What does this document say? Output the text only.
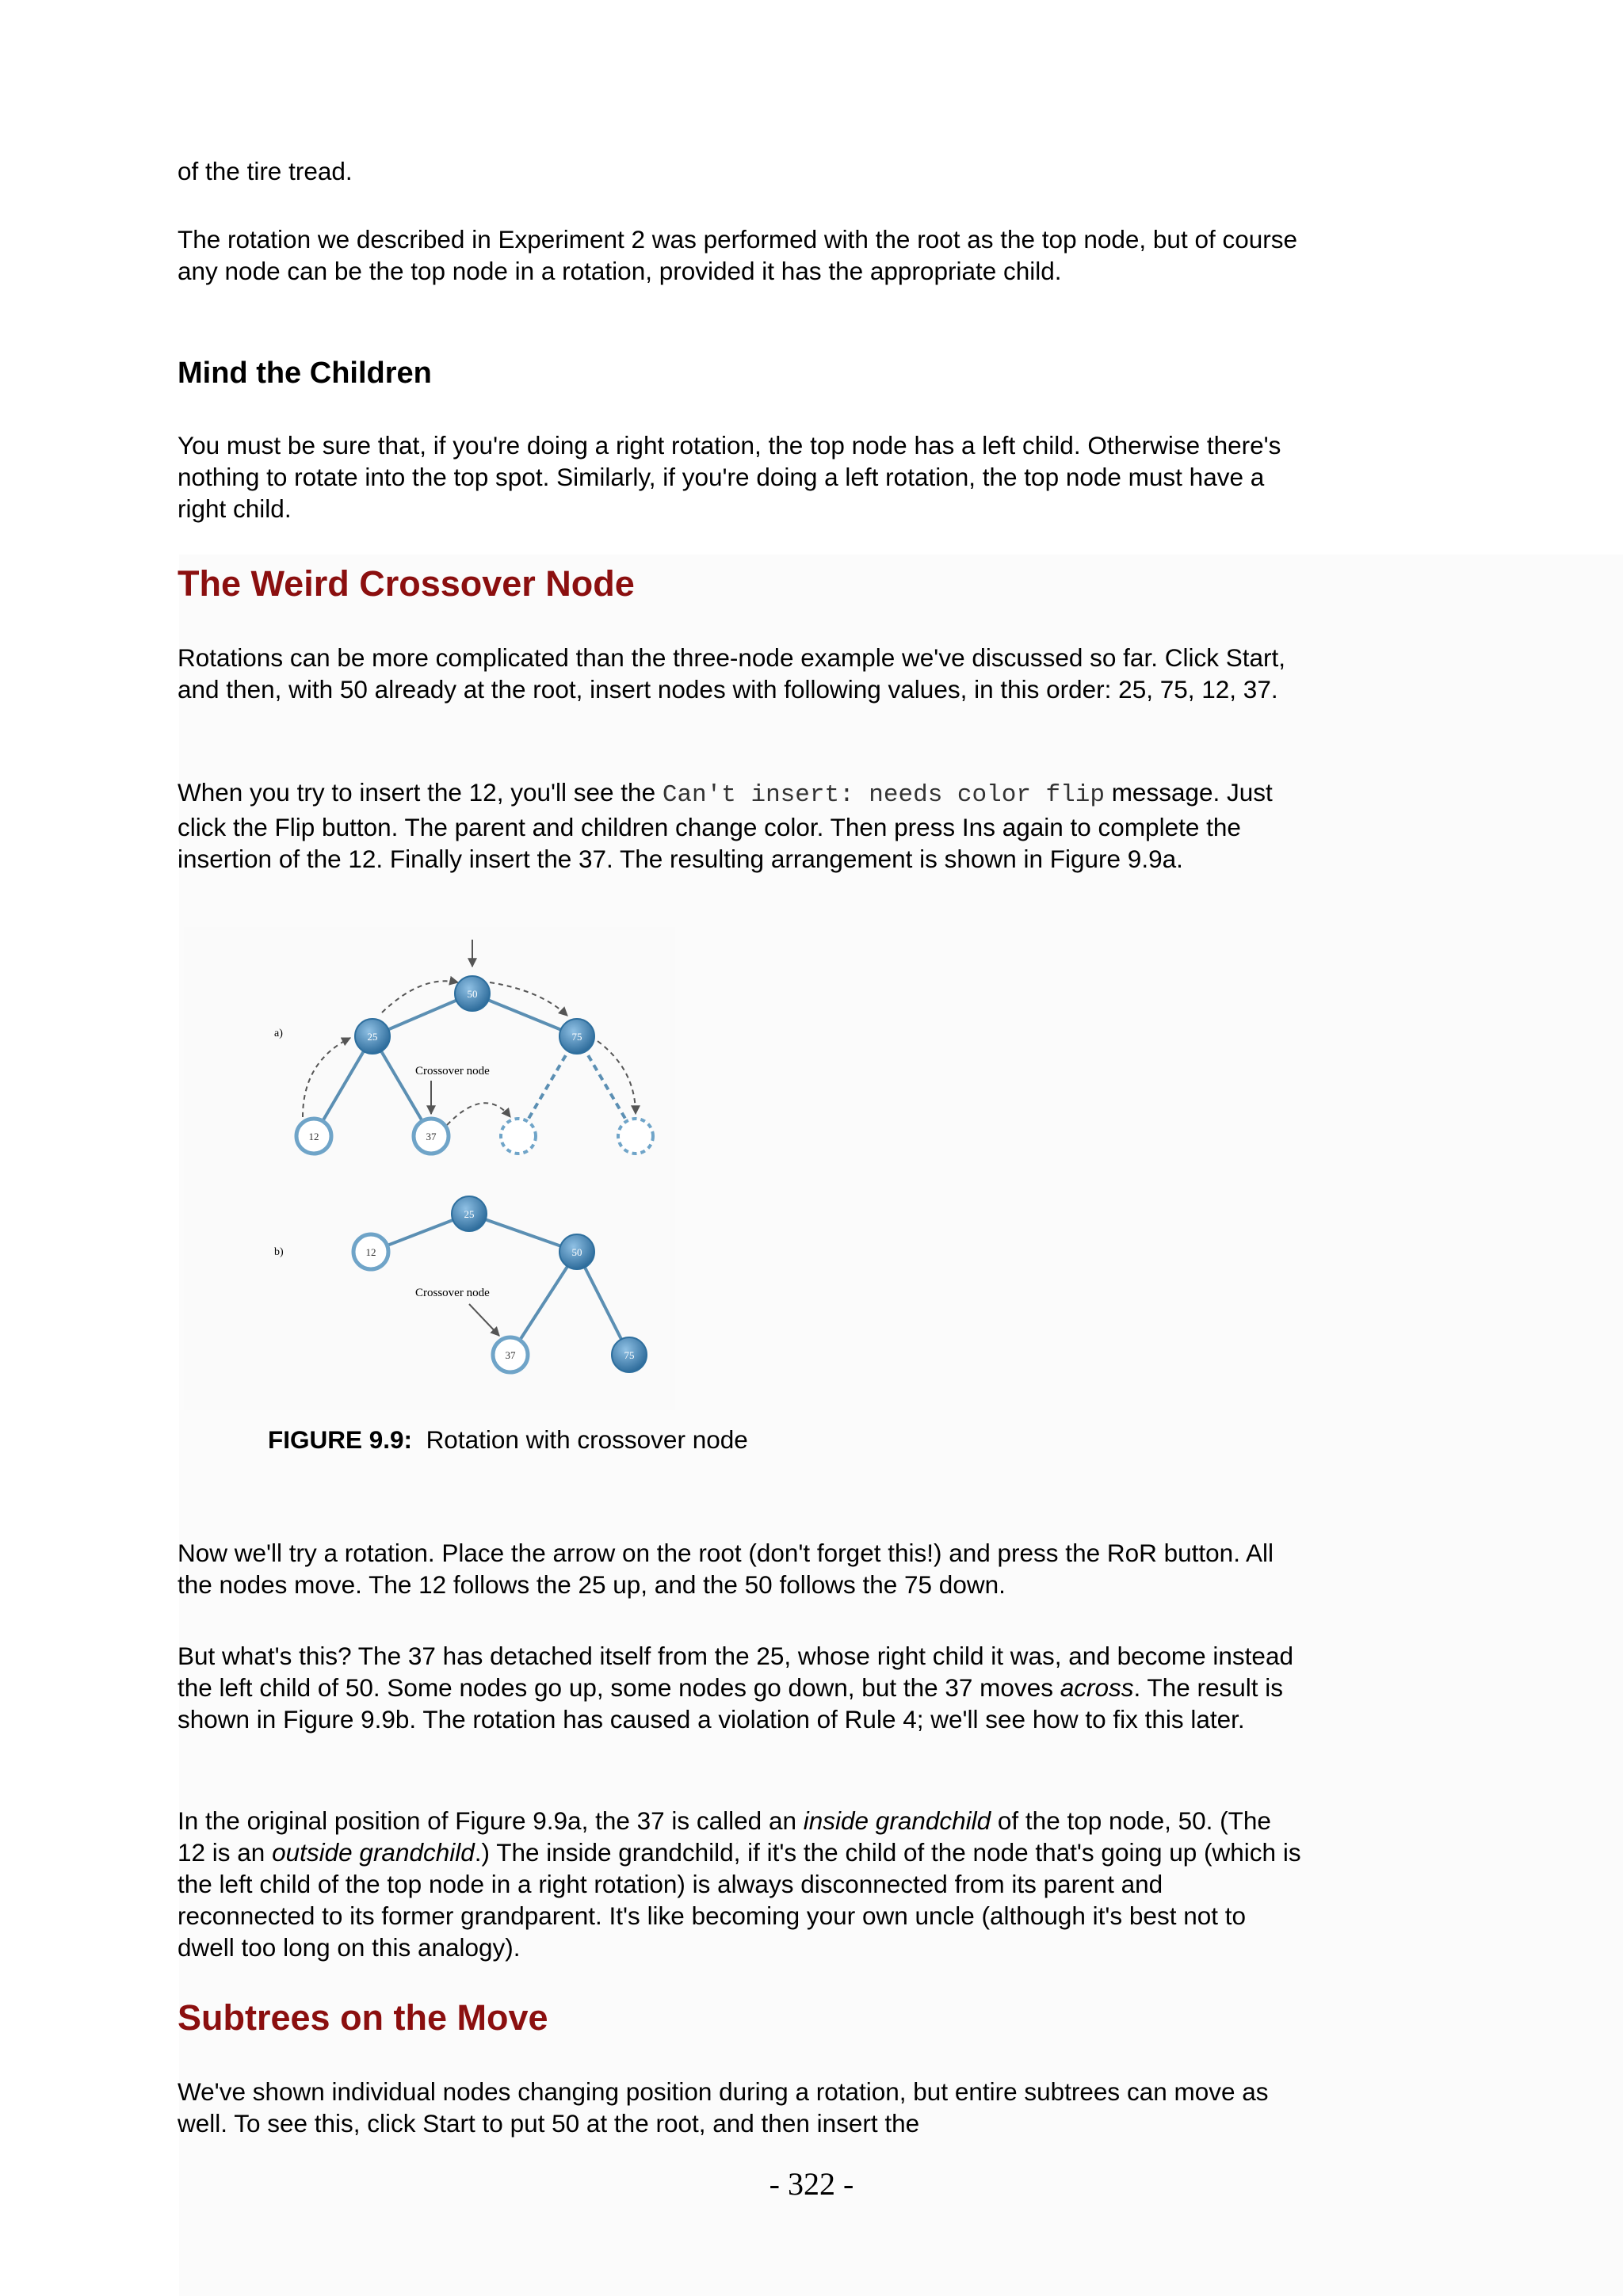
of the tire tread.

The rotation we described in Experiment 2 was performed with the root as the top node, but of course any node can be the top node in a rotation, provided it has the appropriate child.

Mind the Children

You must be sure that, if you're doing a right rotation, the top node has a left child. Otherwise there's nothing to rotate into the top spot. Similarly, if you're doing a left rotation, the top node must have a right child.

The Weird Crossover Node

Rotations can be more complicated than the three-node example we've discussed so far. Click Start, and then, with 50 already at the root, insert nodes with following values, in this order: 25, 75, 12, 37.

When you try to insert the 12, you'll see the Can't insert: needs color flip message. Just click the Flip button. The parent and children change color. Then press Ins again to complete the insertion of the 12. Finally insert the 37. The resulting arrangement is shown in Figure 9.9a.

Now we'll try a rotation. Place the arrow on the root (don't forget this!) and press the RoR button. All the nodes move. The 12 follows the 25 up, and the 50 follows the 75 down.

But what's this? The 37 has detached itself from the 25, whose right child it was, and become instead the left child of 50. Some nodes go up, some nodes go down, but the 37 moves across. The result is shown in Figure 9.9b. The rotation has caused a violation of Rule 4; we'll see how to fix this later.

In the original position of Figure 9.9a, the 37 is called an inside grandchild of the top node, 50. (The 12 is an outside grandchild.) The inside grandchild, if it's the child of the node that's going up (which is the left child of the top node in a right rotation) is always disconnected from its parent and reconnected to its former grandparent. It's like becoming your own uncle (although it's best not to dwell too long on this analogy).

Subtrees on the Move

We've shown individual nodes changing position during a rotation, but entire subtrees can move as well. To see this, click Start to put 50 at the root, and then insert the

a)
Crossover node
50
25	75
12	37
b)
Crossover node
25
12	50
37	75

FIGURE 9.9: Rotation with crossover node

- 322 -
